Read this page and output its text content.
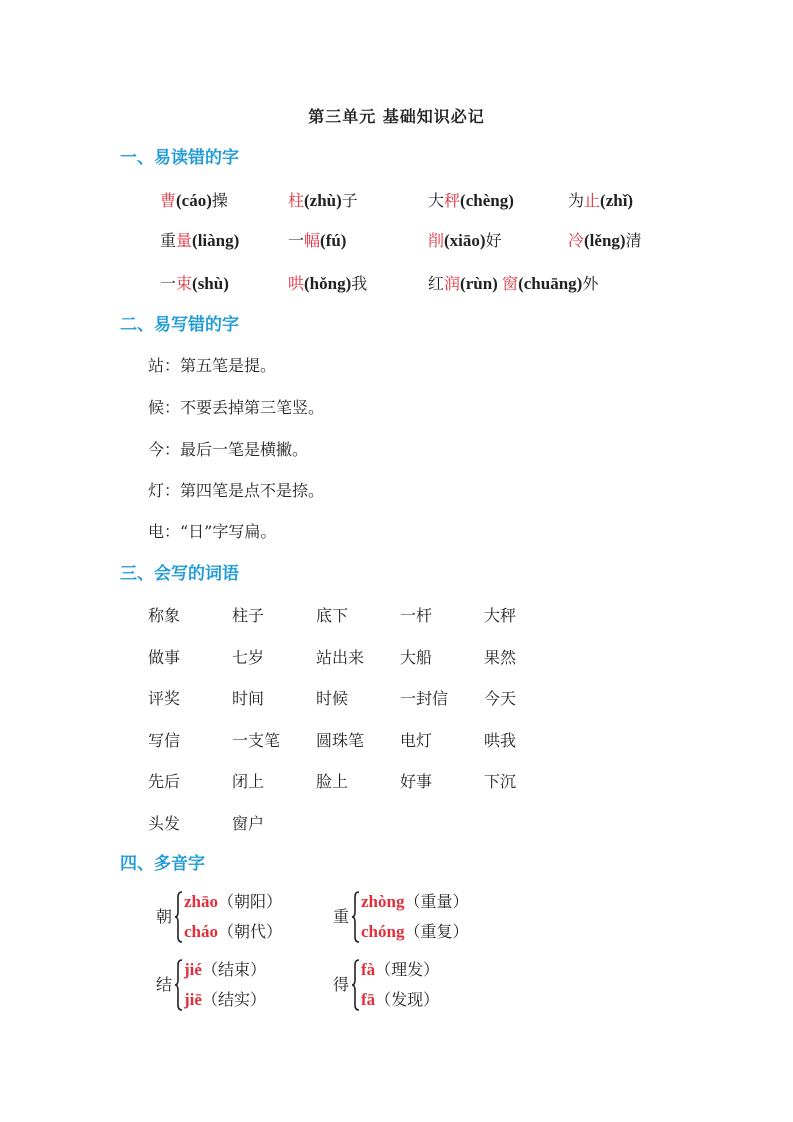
第三单元 基础知识必记
一、易读错的字
二、易写错的字
三、会写的词语
四、多音字
曹(cáo)操	柱(zhù)子	大秤(chèng)	为止(zhǐ)
重量(liàng)	一幅(fú)	削(xiāo)好	冷(lěng)清
一束(shù)	哄(hǒng)我	红润(rùn) 窗(chuāng)外
站：第五笔是提。
候：不要丢掉第三笔竖。
今：最后一笔是横撇。
灯：第四笔是点不是捺。
电：“日”字写扁。
称象	柱子	底下	一杆	大秤
做事	七岁	站出来 大船	果然
评奖	时间	时候	一封信 今天
写信	一支笔 圆珠笔 电灯	哄我
先后	闭上	脸上	好事	下沉
头发	窗户
朝
zhāo（朝阳）
cháo（朝代）
重
zhòng（重量）
chóng（重复）
结
jié（结束）
jiē（结实）
得
fà（理发）
fā（发现）
